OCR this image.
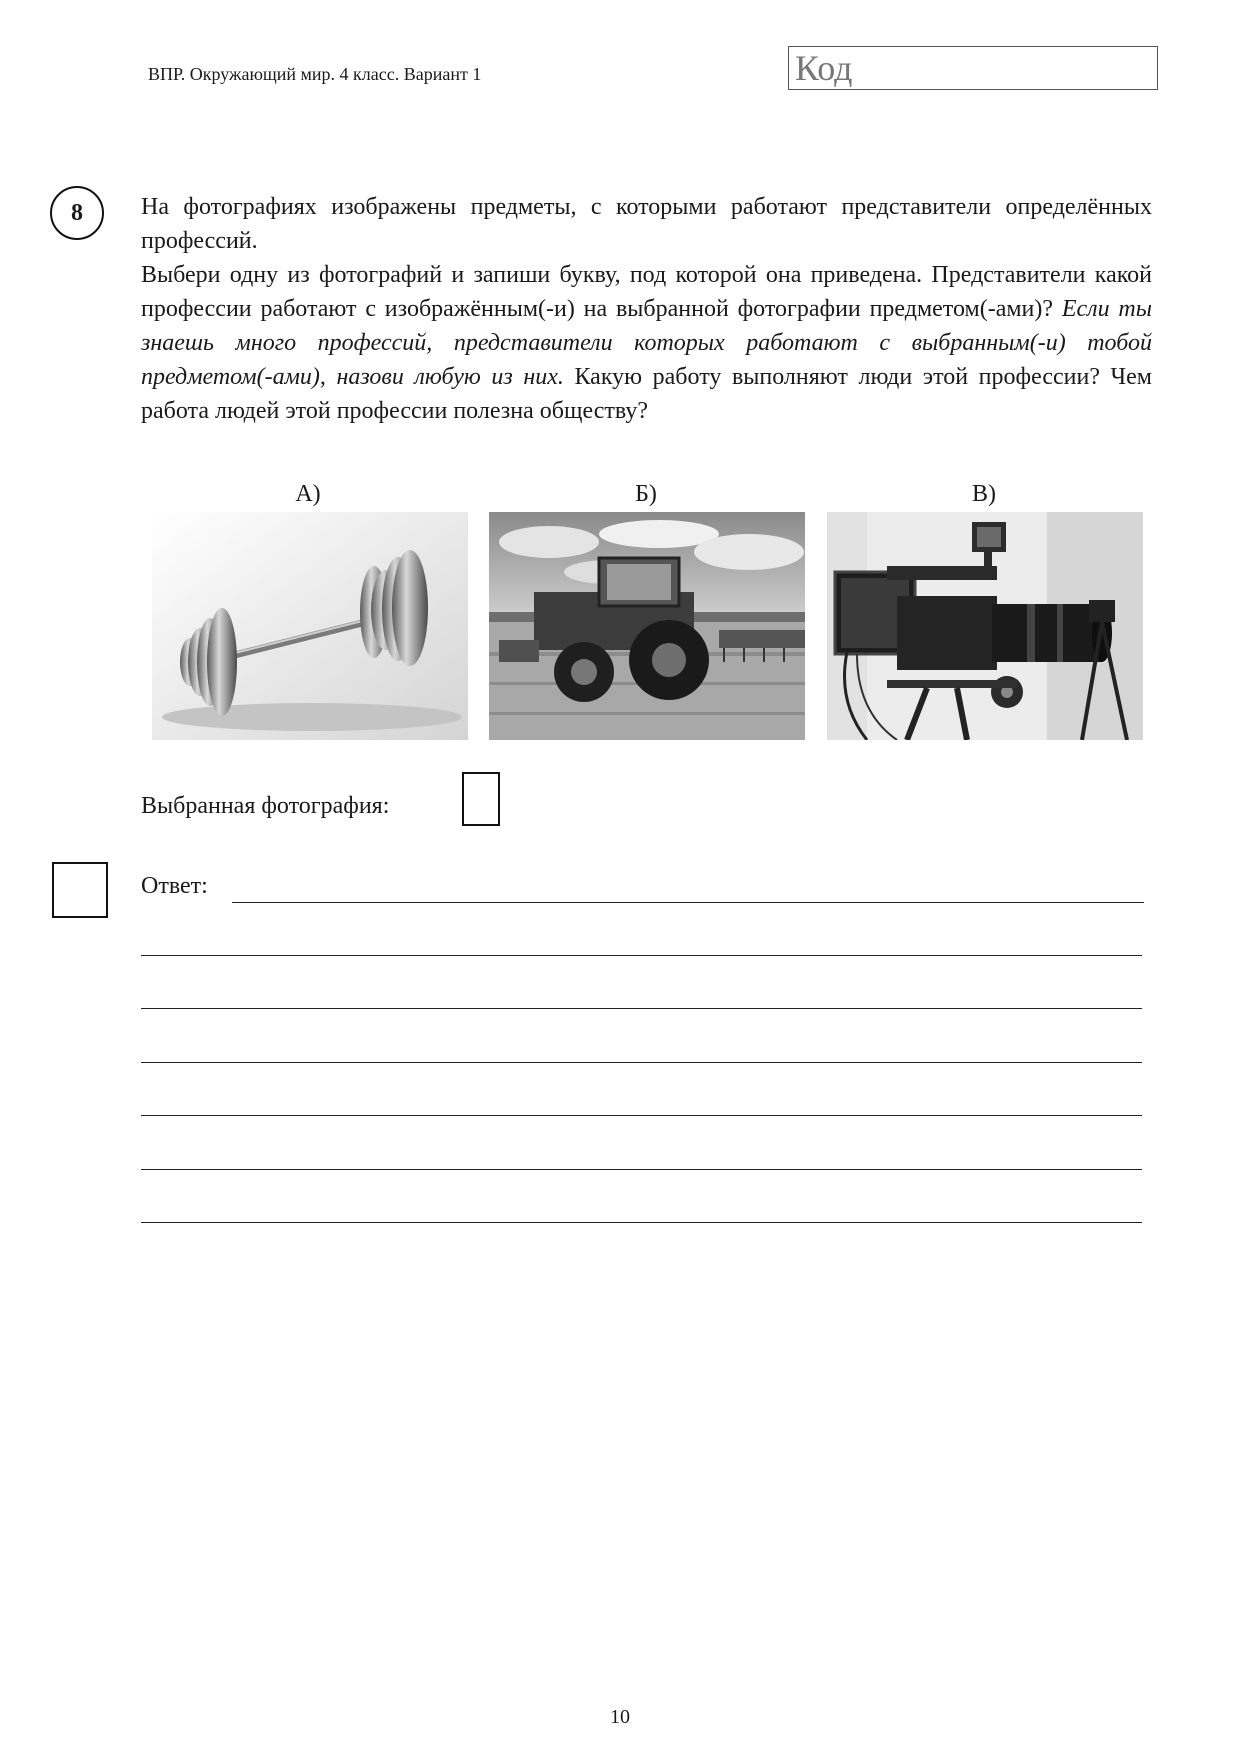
ВПР. Окружающий мир. 4 класс. Вариант 1	Код
8	На фотографиях изображены предметы, с которыми работают представители определённых профессий.

Выбери одну из фотографий и запиши букву, под которой она приведена. Представители какой профессии работают с изображённым(-и) на выбранной фотографии предметом(-ами)? Если ты знаешь много профессий, представители которых работают с выбранным(-и) тобой предметом(-ами), назови любую из них. Какую работу выполняют люди этой профессии? Чем работа людей этой профессии полезна обществу?

А)	Б)	В)
Выбранная фотография:
Ответ:
10
